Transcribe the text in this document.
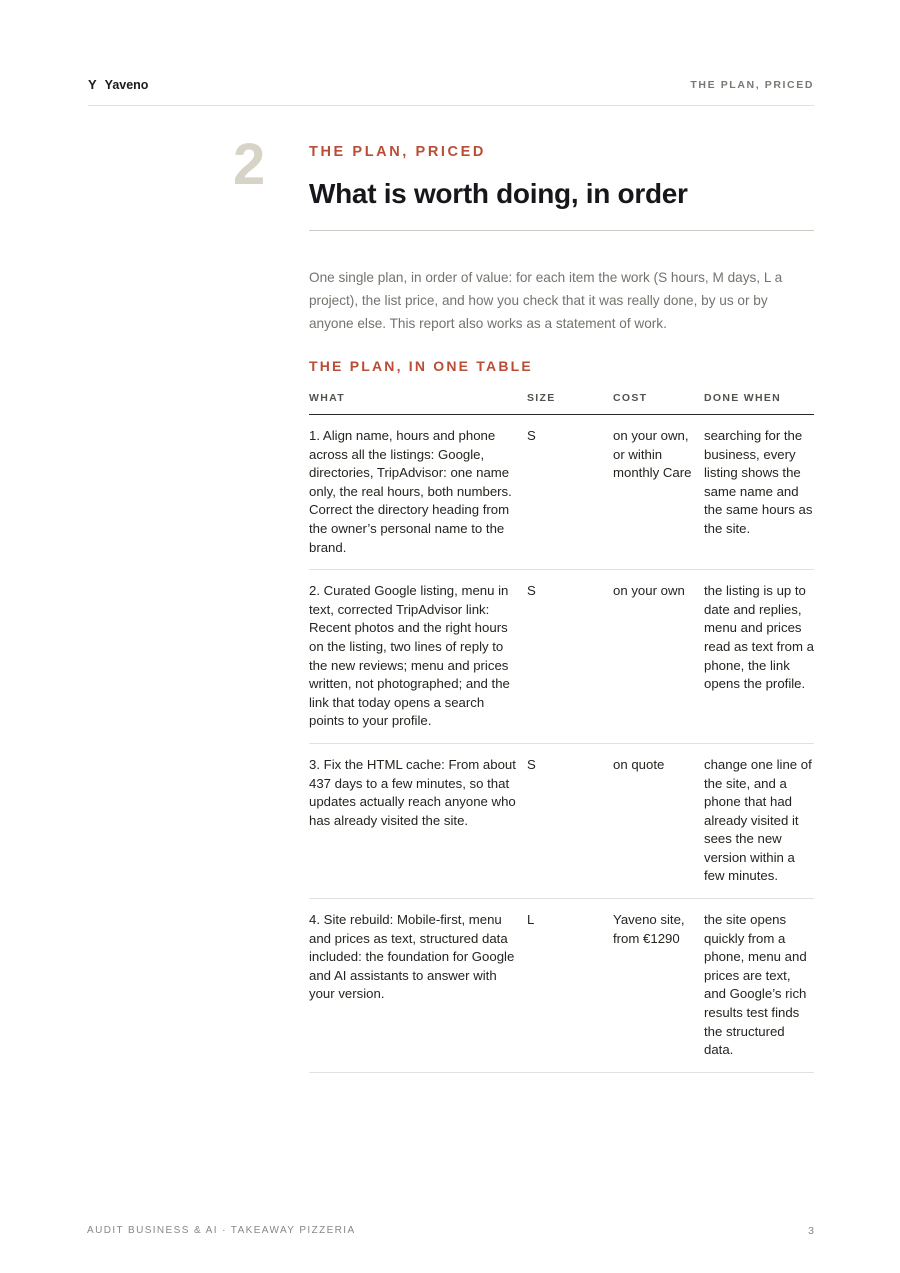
Y Yaveno	THE PLAN, PRICED
2	THE PLAN, PRICED
What is worth doing, in order

One single plan, in order of value: for each item the work (S hours, M days, L a project), the list price, and how you check that it was really done, by us or by anyone else. This report also works as a statement of work.

THE PLAN, IN ONE TABLE
WHAT	SIZE	COST	DONE WHEN
1. Align name, hours and phone across all the listings: Google, directories, TripAdvisor: one name only, the real hours, both numbers. Correct the directory heading from the owner’s personal name to the brand.	S	on your own, or within monthly Care	searching for the business, every listing shows the same name and the same hours as the site.
2. Curated Google listing, menu in text, corrected TripAdvisor link: Recent photos and the right hours on the listing, two lines of reply to the new reviews; menu and prices written, not photographed; and the link that today opens a search points to your profile.	S	on your own	the listing is up to date and replies, menu and prices read as text from a phone, the link opens the profile.
3. Fix the HTML cache: From about 437 days to a few minutes, so that updates actually reach anyone who has already visited the site.	S	on quote	change one line of the site, and a phone that had already visited it sees the new version within a few minutes.
4. Site rebuild: Mobile-first, menu and prices as text, structured data included: the foundation for Google and AI assistants to answer with your version.	L	Yaveno site, from €1290	the site opens quickly from a phone, menu and prices are text, and Google’s rich results test finds the structured data.
AUDIT BUSINESS & AI · TAKEAWAY PIZZERIA	3
